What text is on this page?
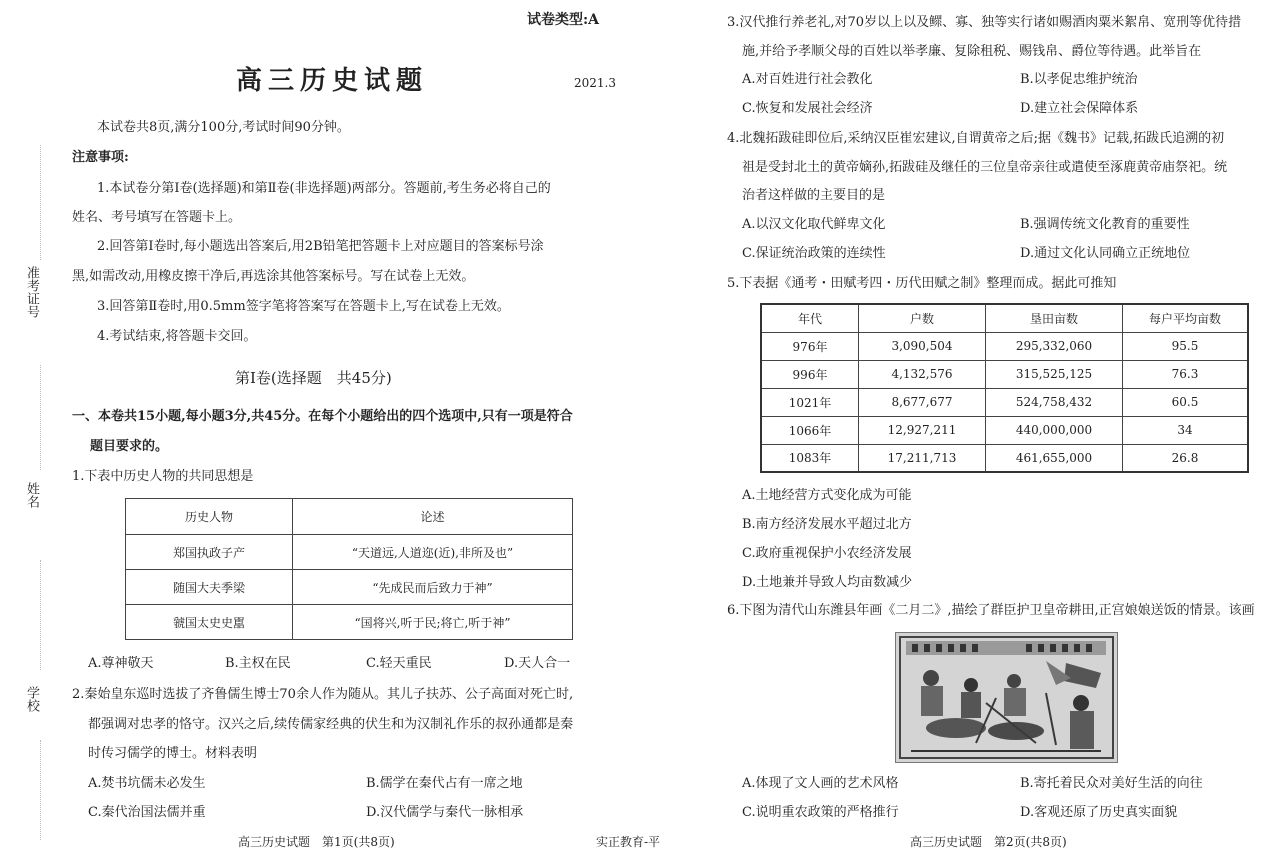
试卷类型:A
高三历史试题	2021.3
本试卷共8页,满分100分,考试时间90分钟。
注意事项:
1.本试卷分第Ⅰ卷(选择题)和第Ⅱ卷(非选择题)两部分。答题前,考生务必将自己的
姓名、考号填写在答题卡上。
2.回答第Ⅰ卷时,每小题选出答案后,用2B铅笔把答题卡上对应题目的答案标号涂
黑,如需改动,用橡皮擦干净后,再选涂其他答案标号。写在试卷上无效。
3.回答第Ⅱ卷时,用0.5mm签字笔将答案写在答题卡上,写在试卷上无效。
4.考试结束,将答题卡交回。
第Ⅰ卷(选择题　共45分)
一、本卷共15小题,每小题3分,共45分。在每个小题给出的四个选项中,只有一项是符合
题目要求的。
1.下表中历史人物的共同思想是
历史人物	论述
郑国执政子产	“天道远,人道迩(近),非所及也”
随国大夫季梁	“先成民而后致力于神”
虢国太史史嚚	“国将兴,听于民;将亡,听于神”
A.尊神敬天	B.主权在民	C.轻天重民	D.天人合一
2.秦始皇东巡时选拔了齐鲁儒生博士70余人作为随从。其儿子扶苏、公子高面对死亡时,
都强调对忠孝的恪守。汉兴之后,续传儒家经典的伏生和为汉制礼作乐的叔孙通都是秦
时传习儒学的博士。材料表明
A.焚书坑儒未必发生	B.儒学在秦代占有一席之地
C.秦代治国法儒并重	D.汉代儒学与秦代一脉相承
高三历史试题　第1页(共8页)	实正教育-平
准考证号
姓名
学校
3.汉代推行养老礼,对70岁以上以及鳏、寡、独等实行诸如赐酒肉粟米絮帛、宽刑等优待措
施,并给予孝顺父母的百姓以举孝廉、复除租税、赐钱帛、爵位等待遇。此举旨在
A.对百姓进行社会教化	B.以孝促忠维护统治
C.恢复和发展社会经济	D.建立社会保障体系
4.北魏拓跋硅即位后,采纳汉臣崔宏建议,自谓黄帝之后;据《魏书》记载,拓跋氏追溯的初
祖是受封北土的黄帝嫡孙,拓跋硅及继任的三位皇帝亲往或遣使至涿鹿黄帝庙祭祀。统
治者这样做的主要目的是
A.以汉文化取代鲜卑文化	B.强调传统文化教育的重要性
C.保证统治政策的连续性	D.通过文化认同确立正统地位
5.下表据《通考・田赋考四・历代田赋之制》整理而成。据此可推知
年代	户数	垦田亩数	每户平均亩数
976年	3,090,504	295,332,060	95.5
996年	4,132,576	315,525,125	76.3
1021年	8,677,677	524,758,432	60.5
1066年	12,927,211	440,000,000	34
1083年	17,211,713	461,655,000	26.8
A.土地经营方式变化成为可能
B.南方经济发展水平超过北方
C.政府重视保护小农经济发展
D.土地兼并导致人均亩数减少
6.下图为清代山东潍县年画《二月二》,描绘了群臣护卫皇帝耕田,正宫娘娘送饭的情景。该画
A.体现了文人画的艺术风格	B.寄托着民众对美好生活的向往
C.说明重农政策的严格推行	D.客观还原了历史真实面貌
高三历史试题　第2页(共8页)
